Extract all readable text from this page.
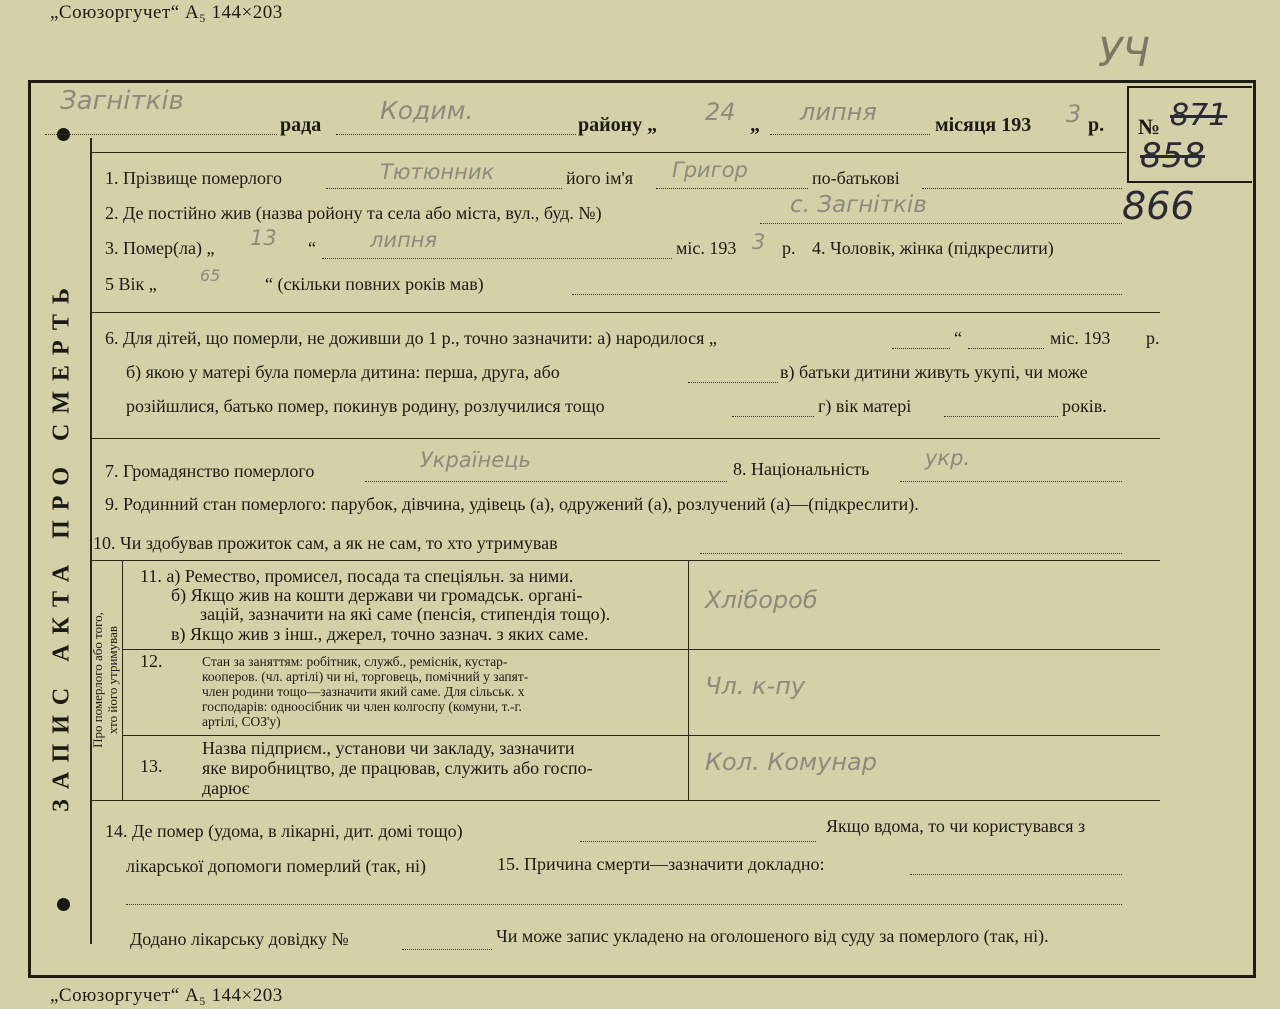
„Союзоргучет“ А₅ 144×203
УЧ
ЗАПИС АКТА ПРО СМЕРТЬ
№ 871
858
866
Загнітків
рада Кодим.	району „ 24 „ липня	місяця 193 3 р.
1. Прізвище померлого	Тютюнник	його ім'я Григор	по-батькові
2. Де постійно жив (назва ройону та села або міста, вул., буд. №)	с. Загнітків
3. Помер(ла) „ 13 “	липня	міс. 193 3 р. 4. Чоловік, жінка (підкреслити)
5 Вік „	65 “ (скільки повних років мав)
6. Для дітей, що померли, не доживши до 1 р., точно зазначити: а) народилося „	“	міс. 193 р.
б) якою у матері була померла дитина: перша, друга, або	в) батьки дитини живуть укупі, чи може
розійшлися, батько помер, покинув родину, розлучилися тощо	г) вік матері	років.
7. Громадянство померлого	Українець	8. Національність	укр.
9. Родинний стан померлого: парубок, дівчина, удівець (а), одружений (а), розлучений (а)—(підкреслити).
10. Чи здобував прожиток сам, а як не сам, то хто утримував
Про померлого або того, хто його утримував
11. а) Ремество, промисел, посада та спеціяльн. за ними.
б) Якщо жив на кошти держави чи громадськ. органі-
зацій, зазначити на які саме (пенсія, стипендія тощо).
в) Якщо жив з інш., джерел, точно зазнач. з яких саме.
Хлібороб
12.	Стан за заняттям: робітник, служб., реміснік, кустар-
кооперов. (чл. артілі) чи ні, торговець, помічний у запят-
член родини тощо—зазначити який саме. Для сільськ. х
господарів: одноосібник чи член колгоспу (комуни, т.-г.
артілі, СОЗ'у)
Чл. к-пу
13.
Назва підприєм., установи чи закладу, зазначити
яке виробництво, де працював, служить або госпо-
дарює
Кол. Комунар
14. Де помер (удома, в лікарні, дит. домі тощо)	Якщо вдома, то чи користувався з
лікарської допомоги померлий (так, ні)	15. Причина смерти—зазначити докладно:
Додано лікарську довідку №	Чи може запис укладено на оголошеного від суду за померлого (так, ні).
„Союзоргучет“ А₅ 144×203
